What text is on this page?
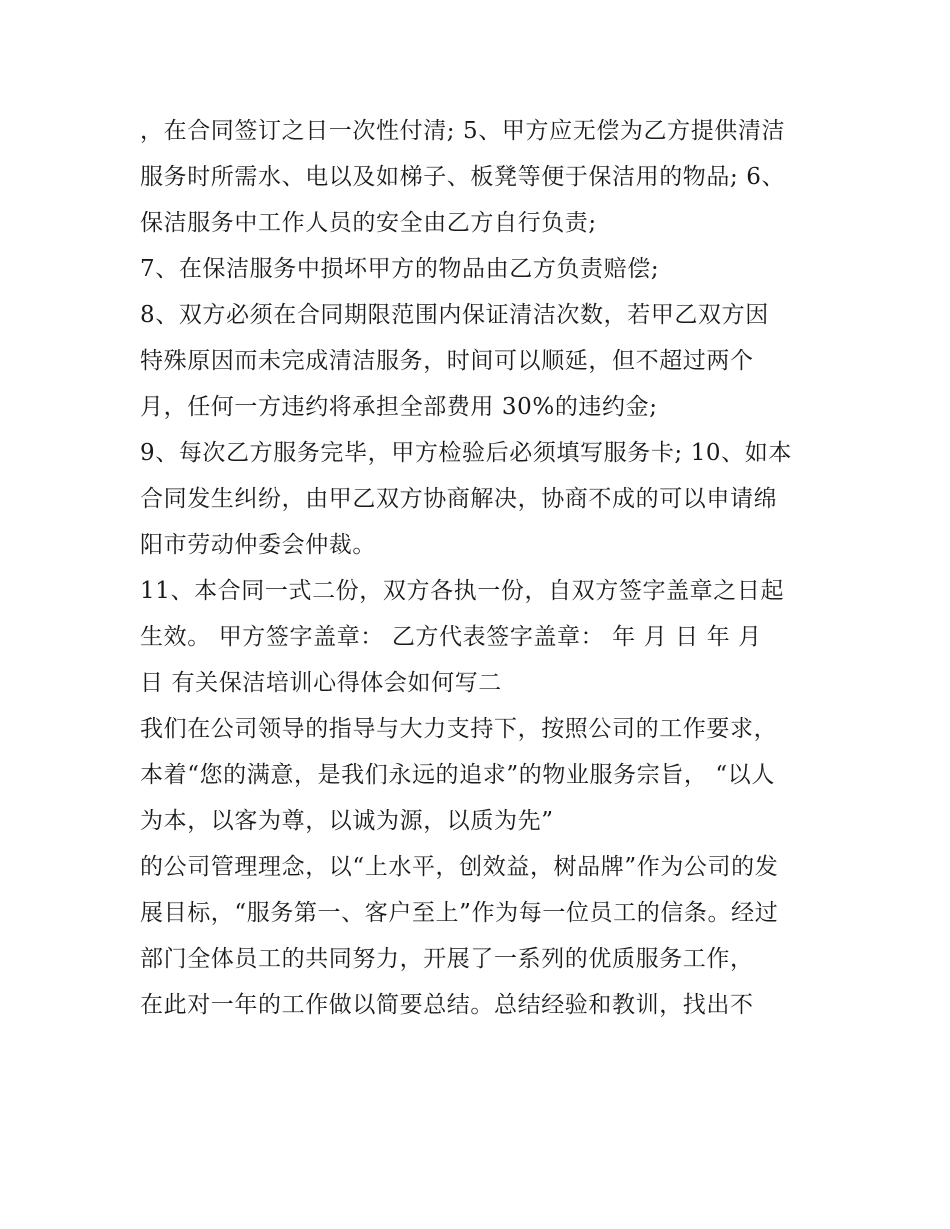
，在合同签订之日一次性付清; 5、甲方应无偿为乙方提供清洁
服务时所需水、电以及如梯子、板凳等便于保洁用的物品; 6、
保洁服务中工作人员的安全由乙方自行负责;
7、在保洁服务中损坏甲方的物品由乙方负责赔偿;
8、双方必须在合同期限范围内保证清洁次数，若甲乙双方因
特殊原因而未完成清洁服务，时间可以顺延，但不超过两个
月，任何一方违约将承担全部费用 30%的违约金;
9、每次乙方服务完毕，甲方检验后必须填写服务卡; 10、如本
合同发生纠纷，由甲乙双方协商解决，协商不成的可以申请绵
阳市劳动仲委会仲裁。
11、本合同一式二份，双方各执一份，自双方签字盖章之日起
生效。 甲方签字盖章： 乙方代表签字盖章： 年 月 日 年 月
日 有关保洁培训心得体会如何写二
我们在公司领导的指导与大力支持下，按照公司的工作要求，
本着“您的满意，是我们永远的追求”的物业服务宗旨， “以人
为本，以客为尊，以诚为源，以质为先”
的公司管理理念，以“上水平，创效益，树品牌”作为公司的发
展目标，“服务第一、客户至上”作为每一位员工的信条。经过
部门全体员工的共同努力，开展了一系列的优质服务工作，
在此对一年的工作做以简要总结。总结经验和教训，找出不
